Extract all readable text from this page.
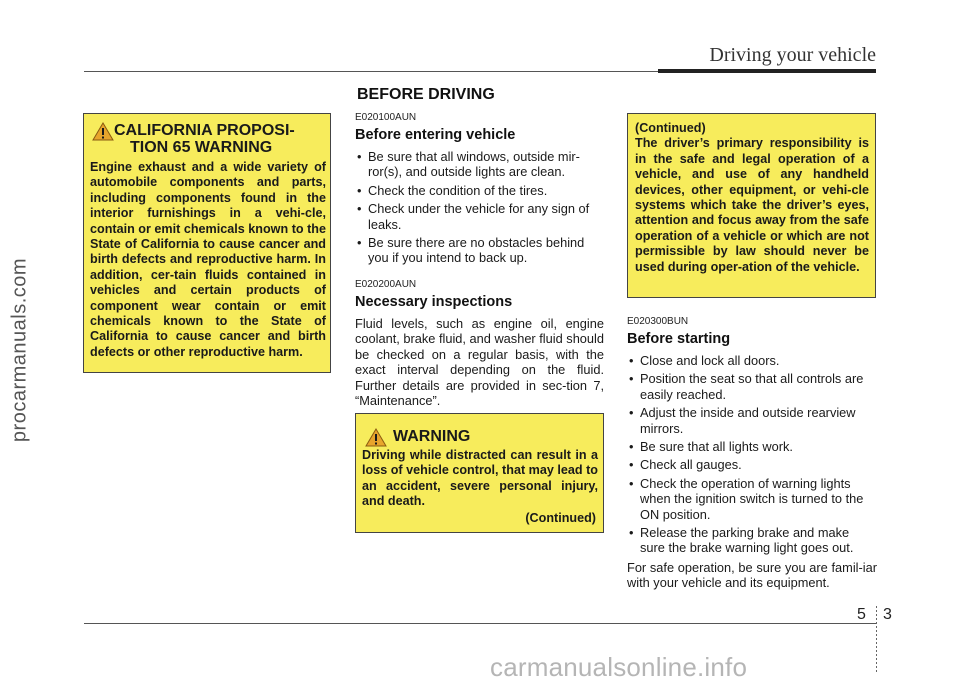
Driving your vehicle
BEFORE DRIVING
procarmanuals.com
CALIFORNIA PROPOSI-
TION 65 WARNING
Engine exhaust and a wide variety of automobile components and parts, including components found in the interior furnishings in a vehi-cle, contain or emit chemicals known to the State of California to cause cancer and birth defects and reproductive harm. In addition, cer-tain fluids contained in vehicles and certain products of component wear contain or emit chemicals known to the State of California to cause cancer and birth defects or other reproductive harm.
E020100AUN
Before entering vehicle
• Be sure that all windows, outside mir-ror(s), and outside lights are clean.
• Check the condition of the tires.
• Check under the vehicle for any sign of leaks.
• Be sure there are no obstacles behind you if you intend to back up.
E020200AUN
Necessary inspections
Fluid levels, such as engine oil, engine coolant, brake fluid, and washer fluid should be checked on a regular basis, with the exact interval depending on the fluid. Further details are provided in sec-tion 7, “Maintenance”.
WARNING
Driving while distracted can result in a loss of vehicle control, that may lead to an accident, severe personal injury, and death.
(Continued)
(Continued)
The driver’s primary responsibility is in the safe and legal operation of a vehicle, and use of any handheld devices, other equipment, or vehi-cle systems which take the driver’s eyes, attention and focus away from the safe operation of a vehicle or which are not permissible by law should never be used during oper-ation of the vehicle.
E020300BUN
Before starting
• Close and lock all doors.
• Position the seat so that all controls are easily reached.
• Adjust the inside and outside rearview mirrors.
• Be sure that all lights work.
• Check all gauges.
• Check the operation of warning lights when the ignition switch is turned to the ON position.
• Release the parking brake and make sure the brake warning light goes out.
For safe operation, be sure you are famil-iar with your vehicle and its equipment.
5 3
carmanualsonline.info
